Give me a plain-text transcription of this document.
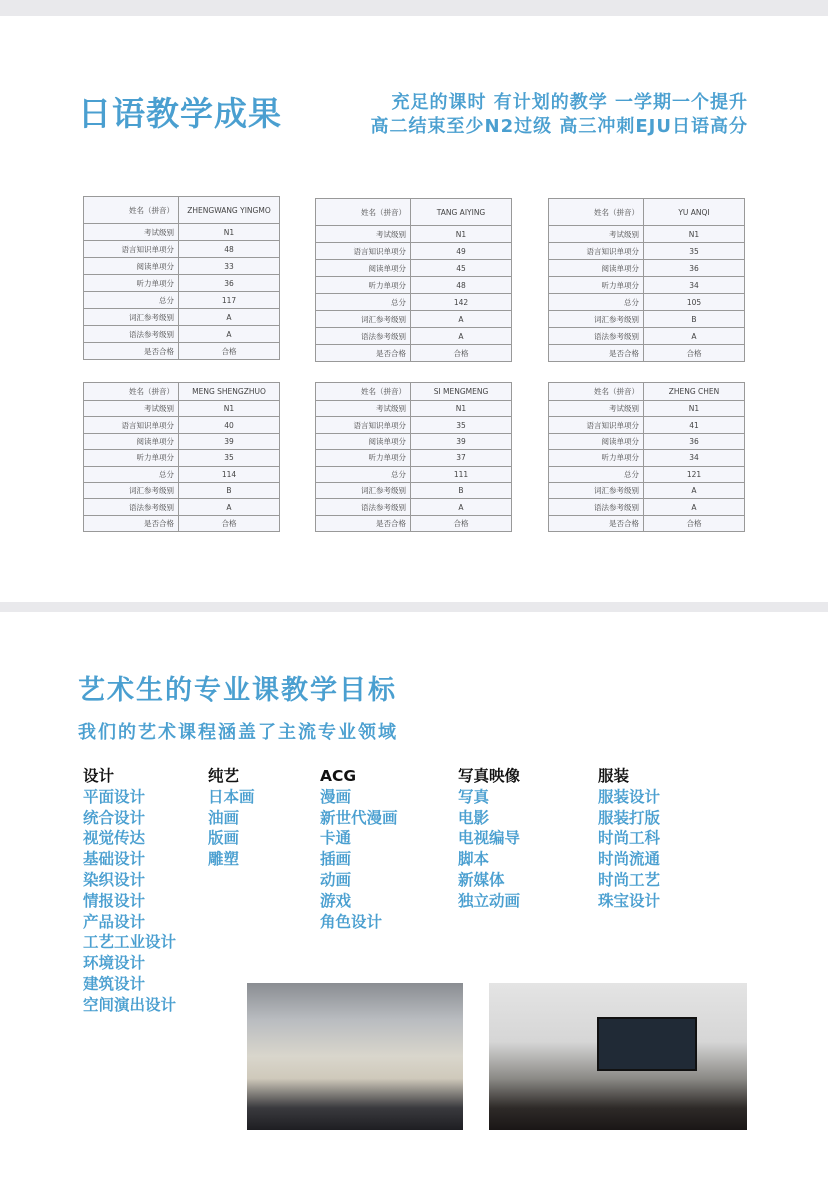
日语教学成果	充足的课时 有计划的教学 一学期一个提升
高二结束至少N2过级 高三冲刺EJU日语高分
艺术生的专业课教学目标
我们的艺术课程涵盖了主流专业领域
姓名（拼音）	ZHENGWANG YINGMO
考试级别	N1
语言知识单项分	48
阅读单项分	33
听力单项分	36
总分	117
词汇参考级别	A
语法参考级别	A
是否合格	合格
姓名（拼音）	TANG AIYING
考试级别	N1
语言知识单项分	49
阅读单项分	45
听力单项分	48
总分	142
词汇参考级别	A
语法参考级别	A
是否合格	合格
姓名（拼音）	YU ANQI
考试级别	N1
语言知识单项分	35
阅读单项分	36
听力单项分	34
总分	105
词汇参考级别	B
语法参考级别	A
是否合格	合格
姓名（拼音）	MENG SHENGZHUO
考试级别	N1
语言知识单项分	40
阅读单项分	39
听力单项分	35
总分	114
词汇参考级别	B
语法参考级别	A
是否合格	合格
姓名（拼音）	SI MENGMENG
考试级别	N1
语言知识单项分	35
阅读单项分	39
听力单项分	37
总分	111
词汇参考级别	B
语法参考级别	A
是否合格	合格
姓名（拼音）	ZHENG CHEN
考试级别	N1
语言知识单项分	41
阅读单项分	36
听力单项分	34
总分	121
词汇参考级别	A
语法参考级别	A
是否合格	合格
设计
平面设计
统合设计
视觉传达
基础设计
染织设计
情报设计
产品设计
工艺工业设计
环境设计
建筑设计
空间演出设计
纯艺
日本画
油画
版画
雕塑
ACG
漫画
新世代漫画
卡通
插画
动画
游戏
角色设计
写真映像
写真
电影
电视编导
脚本
新媒体
独立动画
服装
服装设计
服装打版
时尚工科
时尚流通
时尚工艺
珠宝设计
